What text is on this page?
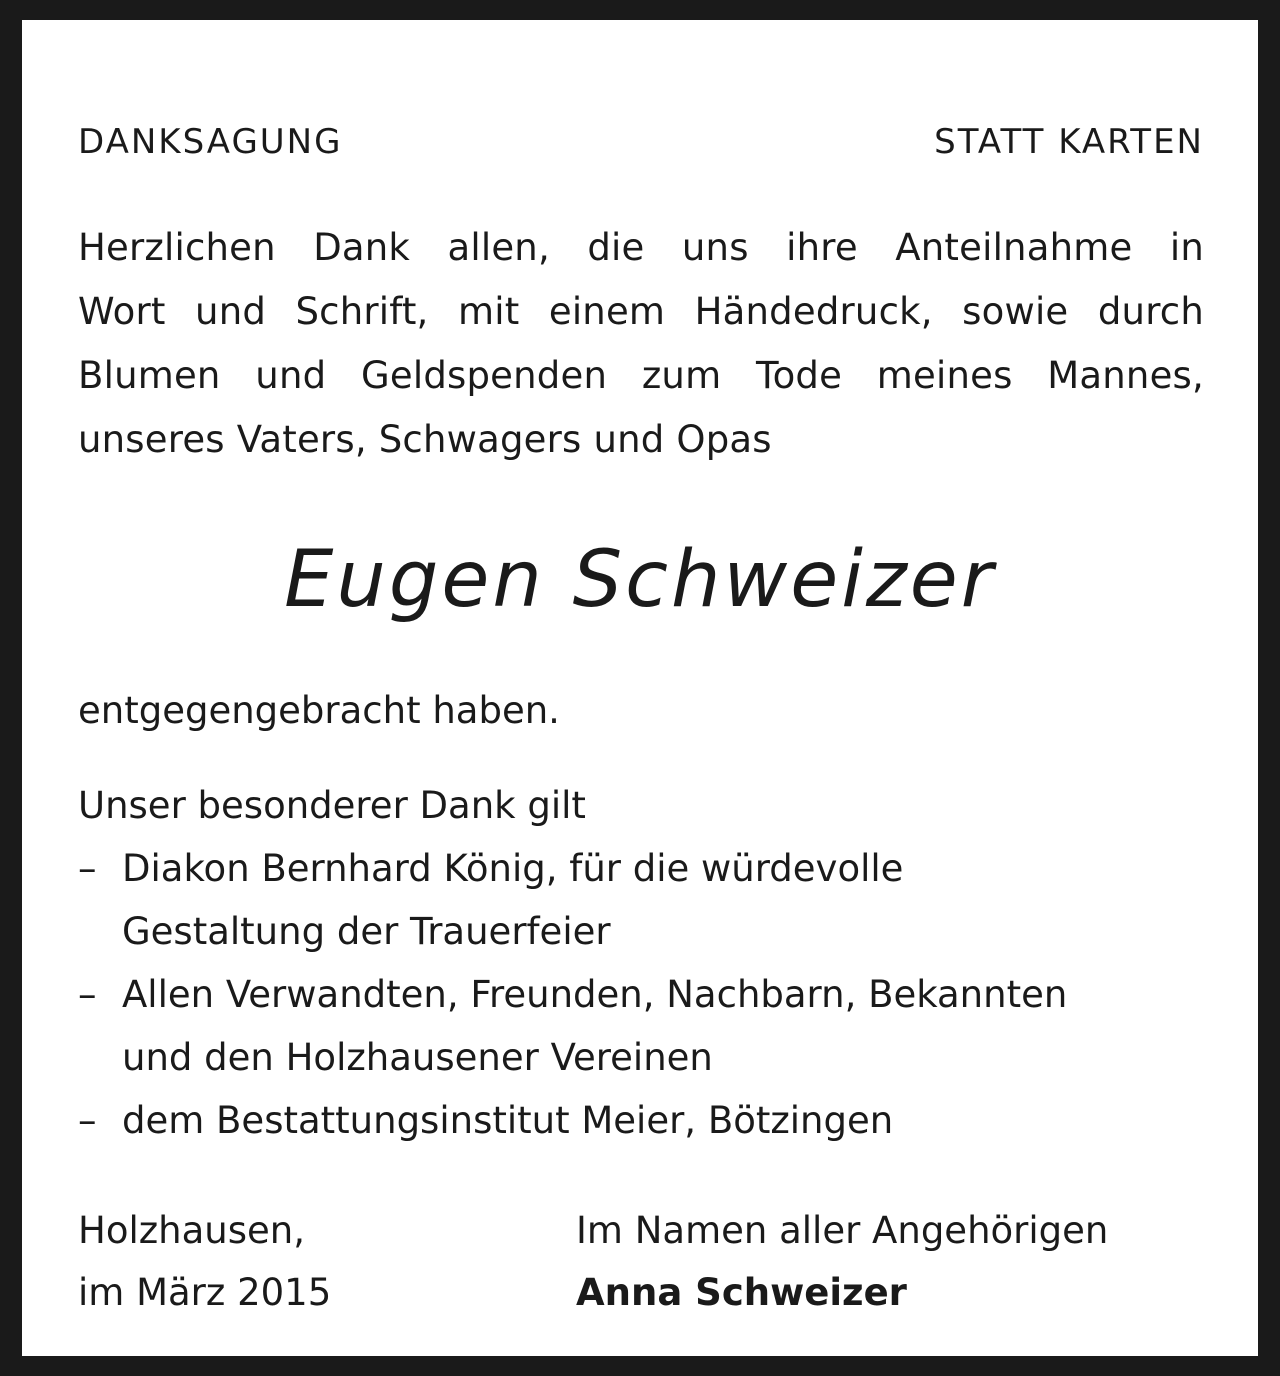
DANKSAGUNG	STATT KARTEN
Herzlichen Dank allen, die uns ihre Anteilnahme in
Wort und Schrift, mit einem Händedruck, sowie durch
Blumen und Geldspenden zum Tode meines Mannes,
unseres Vaters, Schwagers und Opas
Eugen Schweizer
entgegengebracht haben.
Unser besonderer Dank gilt
– Diakon Bernhard König, für die würdevolle
Gestaltung der Trauerfeier
– Allen Verwandten, Freunden, Nachbarn, Bekannten
und den Holzhausener Vereinen
– dem Bestattungsinstitut Meier, Bötzingen
Holzhausen,
im März 2015
Im Namen aller Angehörigen
Anna Schweizer
